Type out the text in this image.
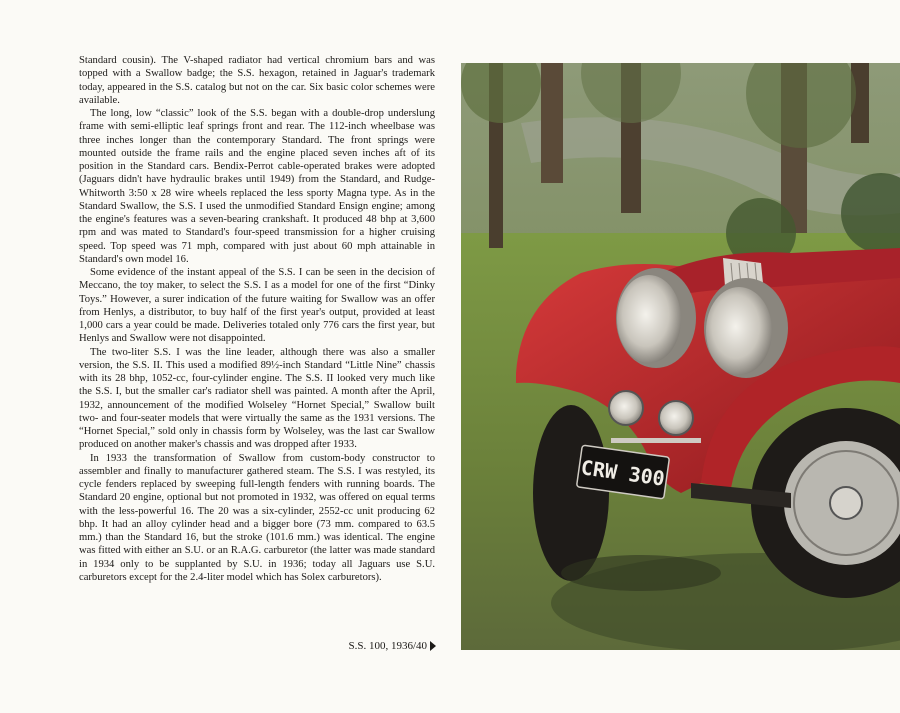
Standard cousin). The V-shaped radiator had vertical chromium bars and was topped with a Swallow badge; the S.S. hexagon, retained in Jaguar's trademark today, appeared in the S.S. catalog but not on the car. Six basic color schemes were available.

The long, low “classic” look of the S.S. began with a double-drop underslung frame with semi-elliptic leaf springs front and rear. The 112-inch wheelbase was three inches longer than the contemporary Standard. The front springs were mounted outside the frame rails and the engine placed seven inches aft of its position in the Standard cars. Bendix-Perrot cable-operated brakes were adopted (Jaguars didn't have hydraulic brakes until 1949) from the Standard, and Rudge-Whitworth 3:50 x 28 wire wheels replaced the less sporty Magna type. As in the Standard Swallow, the S.S. I used the unmodified Standard Ensign engine; among the engine's features was a seven-bearing crankshaft. It produced 48 bhp at 3,600 rpm and was mated to Standard's four-speed transmission for a higher cruising speed. Top speed was 71 mph, compared with just about 60 mph attainable in Standard's own model 16.

Some evidence of the instant appeal of the S.S. I can be seen in the decision of Meccano, the toy maker, to select the S.S. I as a model for one of the first “Dinky Toys.” However, a surer indication of the future waiting for Swallow was an offer from Henlys, a distributor, to buy half of the first year's output, provided at least 1,000 cars a year could be made. Deliveries totaled only 776 cars the first year, but Henlys and Swallow were not disappointed.

The two-liter S.S. I was the line leader, although there was also a smaller version, the S.S. II. This used a modified 89½-inch Standard “Little Nine” chassis with its 28 bhp, 1052-cc, four-cylinder engine. The S.S. II looked very much like the S.S. I, but the smaller car's radiator shell was painted. A month after the April, 1932, announcement of the modified Wolseley “Hornet Special,” Swallow built two- and four-seater models that were virtually the same as the 1931 versions. The “Hornet Special,” sold only in chassis form by Wolseley, was the last car Swallow produced on another maker's chassis and was dropped after 1933.

In 1933 the transformation of Swallow from custom-body constructor to assembler and finally to manufacturer gathered steam. The S.S. I was restyled, its cycle fenders replaced by sweeping full-length fenders with running boards. The Standard 20 engine, optional but not promoted in 1932, was offered on equal terms with the less-powerful 16. The 20 was a six-cylinder, 2552-cc unit producing 62 bhp. It had an alloy cylinder head and a bigger bore (73 mm. compared to 63.5 mm.) than the Standard 16, but the stroke (101.6 mm.) was identical. The engine was fitted with either an S.U. or an R.A.G. carburetor (the latter was made standard in 1934 only to be supplanted by S.U. in 1936; today all Jaguars use S.U. carburetors except for the 2.4-liter model which has Solex carburetors).

S.S. 100, 1936/40
CRW 300
